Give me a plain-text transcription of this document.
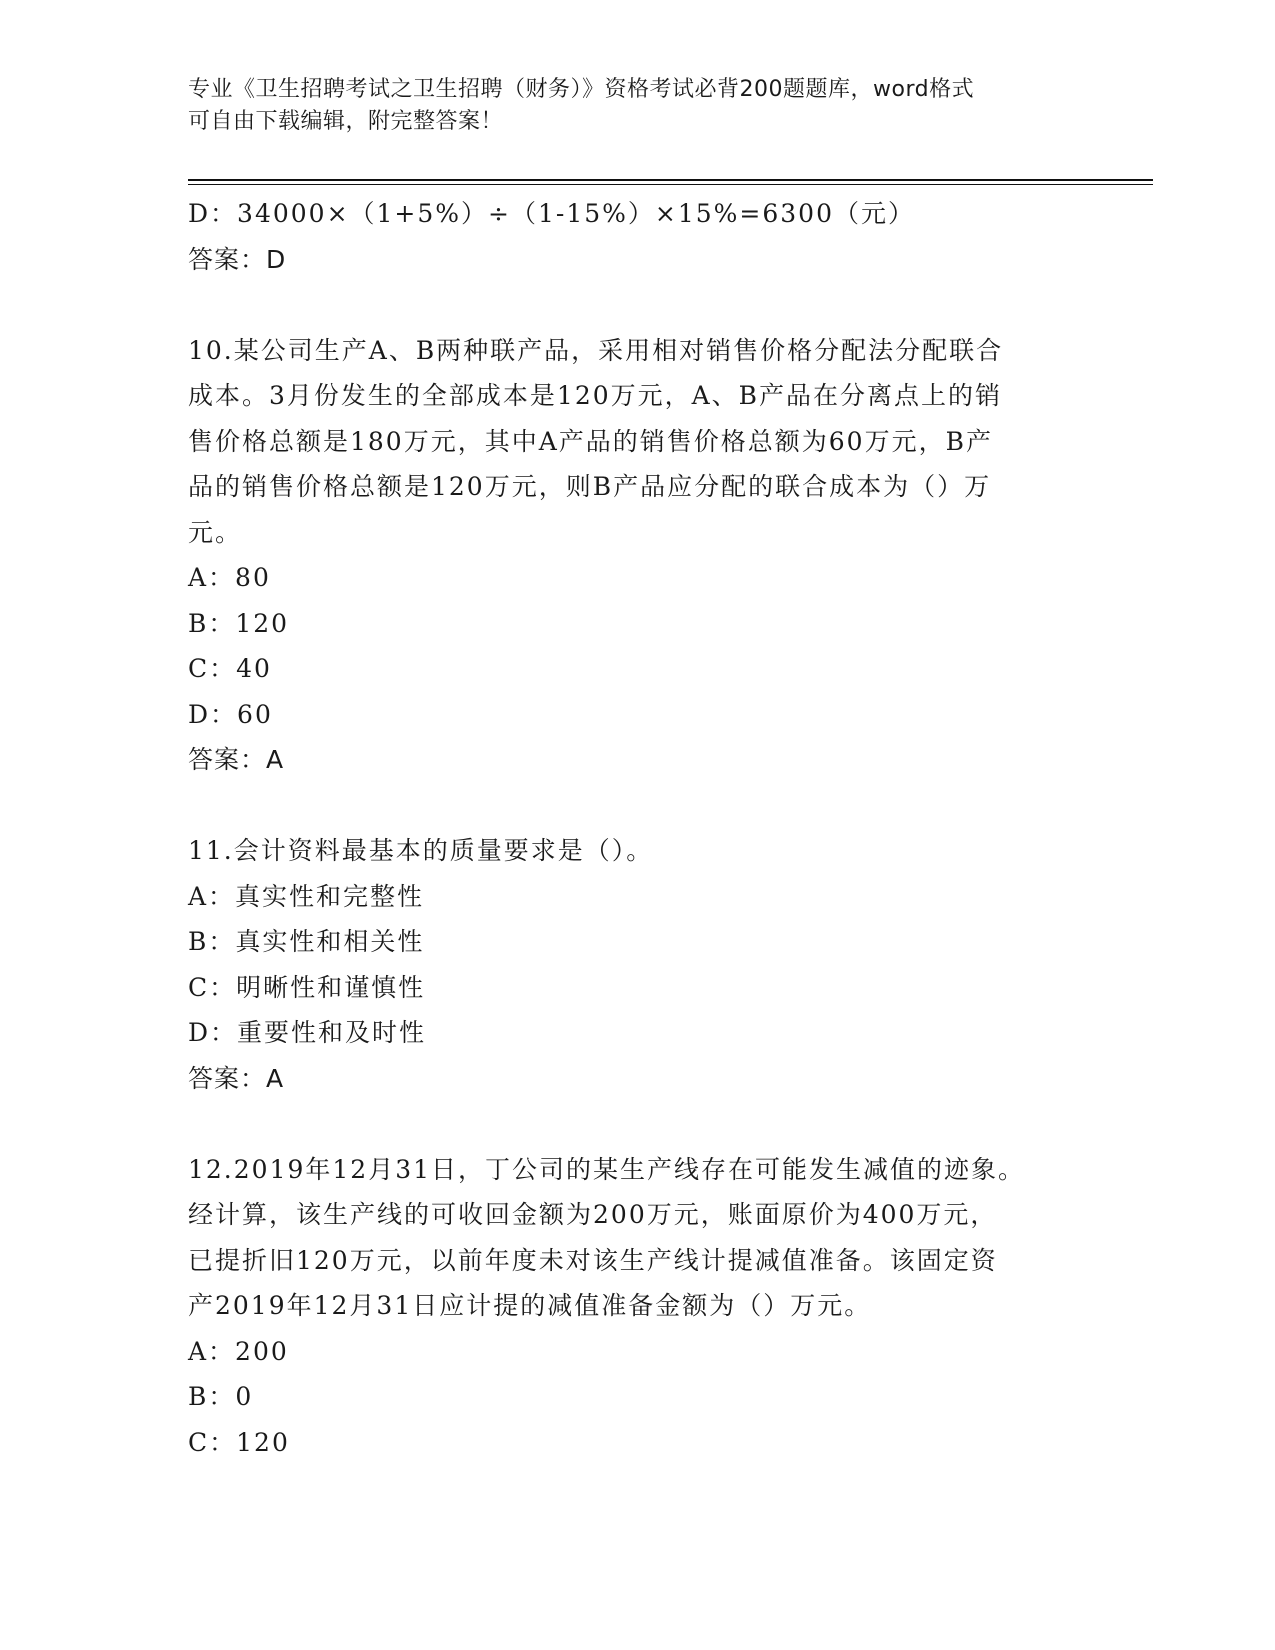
专业《卫生招聘考试之卫生招聘（财务）》资格考试必背200题题库，word格式
可自由下载编辑，附完整答案！
D：34000×（1+5%）÷（1-15%）×15%=6300（元）
答案：D
10.某公司生产A、B两种联产品，采用相对销售价格分配法分配联合
成本。3月份发生的全部成本是120万元，A、B产品在分离点上的销
售价格总额是180万元，其中A产品的销售价格总额为60万元，B产
品的销售价格总额是120万元，则B产品应分配的联合成本为（）万
元。
A：80
B：120
C：40
D：60
答案：A
11.会计资料最基本的质量要求是（）。
A：真实性和完整性
B：真实性和相关性
C：明晰性和谨慎性
D：重要性和及时性
答案：A
12.2019年12月31日，丁公司的某生产线存在可能发生减值的迹象。
经计算，该生产线的可收回金额为200万元，账面原价为400万元，
已提折旧120万元，以前年度未对该生产线计提减值准备。该固定资
产2019年12月31日应计提的减值准备金额为（）万元。
A：200
B：0
C：120
